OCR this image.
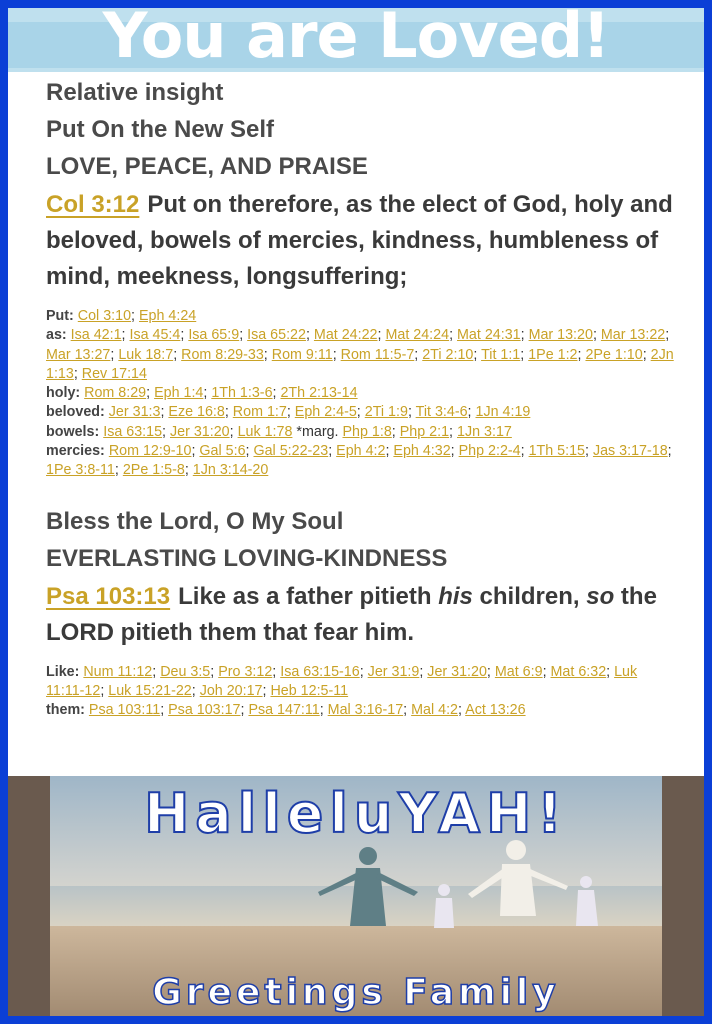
You are Loved!
Relative insight
Put On the New Self
LOVE, PEACE, AND PRAISE
Col 3:12 Put on therefore, as the elect of God, holy and beloved, bowels of mercies, kindness, humbleness of mind, meekness, longsuffering;
Put: Col 3:10; Eph 4:24
as: Isa 42:1; Isa 45:4; Isa 65:9; Isa 65:22; Mat 24:22; Mat 24:24; Mat 24:31; Mar 13:20; Mar 13:22; Mar 13:27; Luk 18:7; Rom 8:29-33; Rom 9:11; Rom 11:5-7; 2Ti 2:10; Tit 1:1; 1Pe 1:2; 2Pe 1:10; 2Jn 1:13; Rev 17:14
holy: Rom 8:29; Eph 1:4; 1Th 1:3-6; 2Th 2:13-14
beloved: Jer 31:3; Eze 16:8; Rom 1:7; Eph 2:4-5; 2Ti 1:9; Tit 3:4-6; 1Jn 4:19
bowels: Isa 63:15; Jer 31:20; Luk 1:78 *marg. Php 1:8; Php 2:1; 1Jn 3:17
mercies: Rom 12:9-10; Gal 5:6; Gal 5:22-23; Eph 4:2; Eph 4:32; Php 2:2-4; 1Th 5:15; Jas 3:17-18; 1Pe 3:8-11; 2Pe 1:5-8; 1Jn 3:14-20
Bless the Lord, O My Soul
EVERLASTING LOVING-KINDNESS
Psa 103:13 Like as a father pitieth his children, so the LORD pitieth them that fear him.
Like: Num 11:12; Deu 3:5; Pro 3:12; Isa 63:15-16; Jer 31:9; Jer 31:20; Mat 6:9; Mat 6:32; Luk 11:11-12; Luk 15:21-22; Joh 20:17; Heb 12:5-11
them: Psa 103:11; Psa 103:17; Psa 147:11; Mal 3:16-17; Mal 4:2; Act 13:26
HalleluYAH!
Greetings Family
